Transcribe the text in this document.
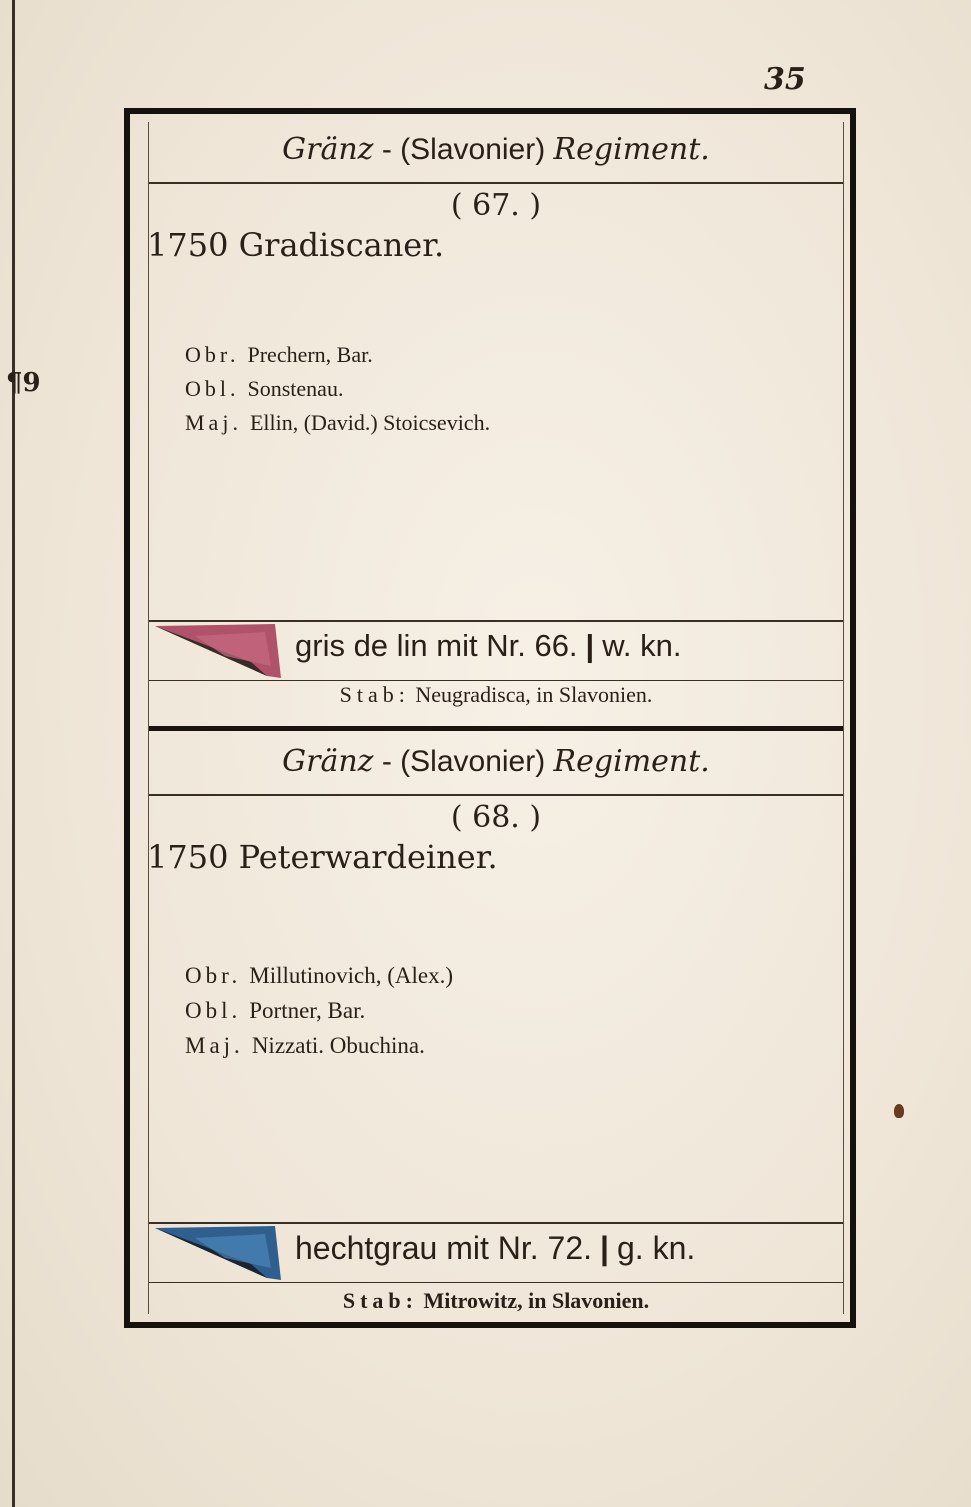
¶9
35
Gränz - (Slavonier) Regiment.
( 67. )
1750 Gradiscaner.
Obr. Prechern, Bar.
Obl. Sonstenau.
Maj. Ellin, (David.) Stoicsevich.
gris de lin mit Nr. 66. | w. kn.
Stab: Neugradisca, in Slavonien.
Gränz - (Slavonier) Regiment.
( 68. )
1750 Peterwardeiner.
Obr. Millutinovich, (Alex.)
Obl. Portner, Bar.
Maj. Nizzati. Obuchina.
hechtgrau mit Nr. 72. | g. kn.
Stab: Mitrowitz, in Slavonien.
